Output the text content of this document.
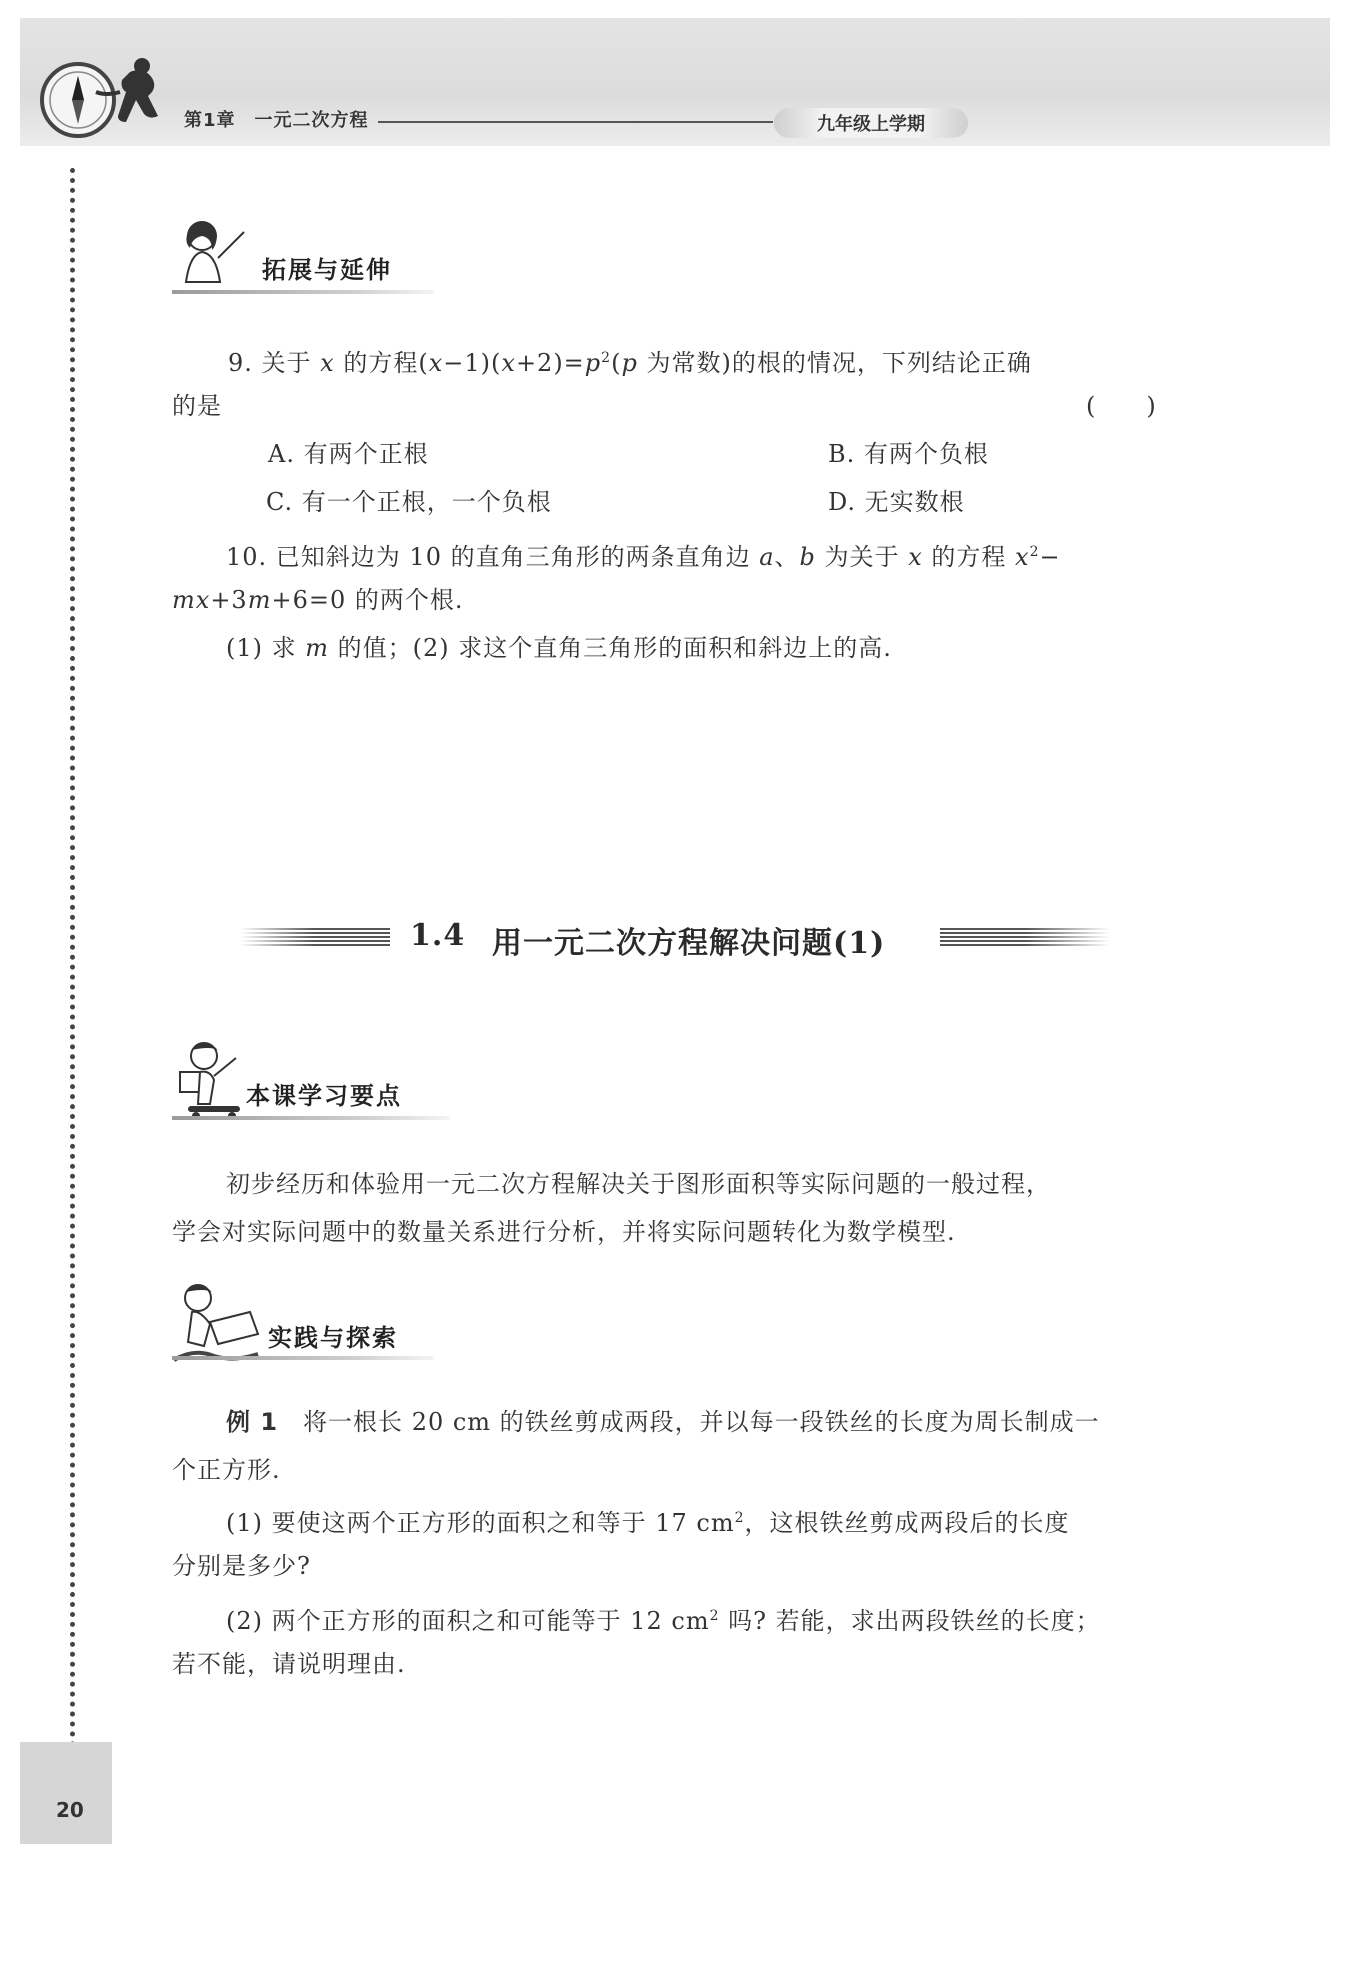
第1章　一元二次方程	九年级上学期
拓展与延伸
9. 关于 x 的方程$(x-1)(x+2)=p^2(p$ 为常数)的根的情况，下列结论正确
的是	(　　)
A. 有两个正根	B. 有两个负根
C. 有一个正根，一个负根	D. 无实数根
10. 已知斜边为 10 的直角三角形的两条直角边 a、b 为关于 x 的方程 $x^2-$
mx+3m+6=0 的两个根.
(1) 求 m 的值；(2) 求这个直角三角形的面积和斜边上的高.
1.4 用一元二次方程解决问题(1)
本课学习要点
初步经历和体验用一元二次方程解决关于图形面积等实际问题的一般过程，
学会对实际问题中的数量关系进行分析，并将实际问题转化为数学模型.
实践与探索
例 1　 将一根长 20 cm 的铁丝剪成两段，并以每一段铁丝的长度为周长制成一
个正方形.
(1) 要使这两个正方形的面积之和等于 17 $cm^2$，这根铁丝剪成两段后的长度
分别是多少?
(2) 两个正方形的面积之和可能等于 12 $cm^2$ 吗? 若能，求出两段铁丝的长度；
若不能，请说明理由.
20
